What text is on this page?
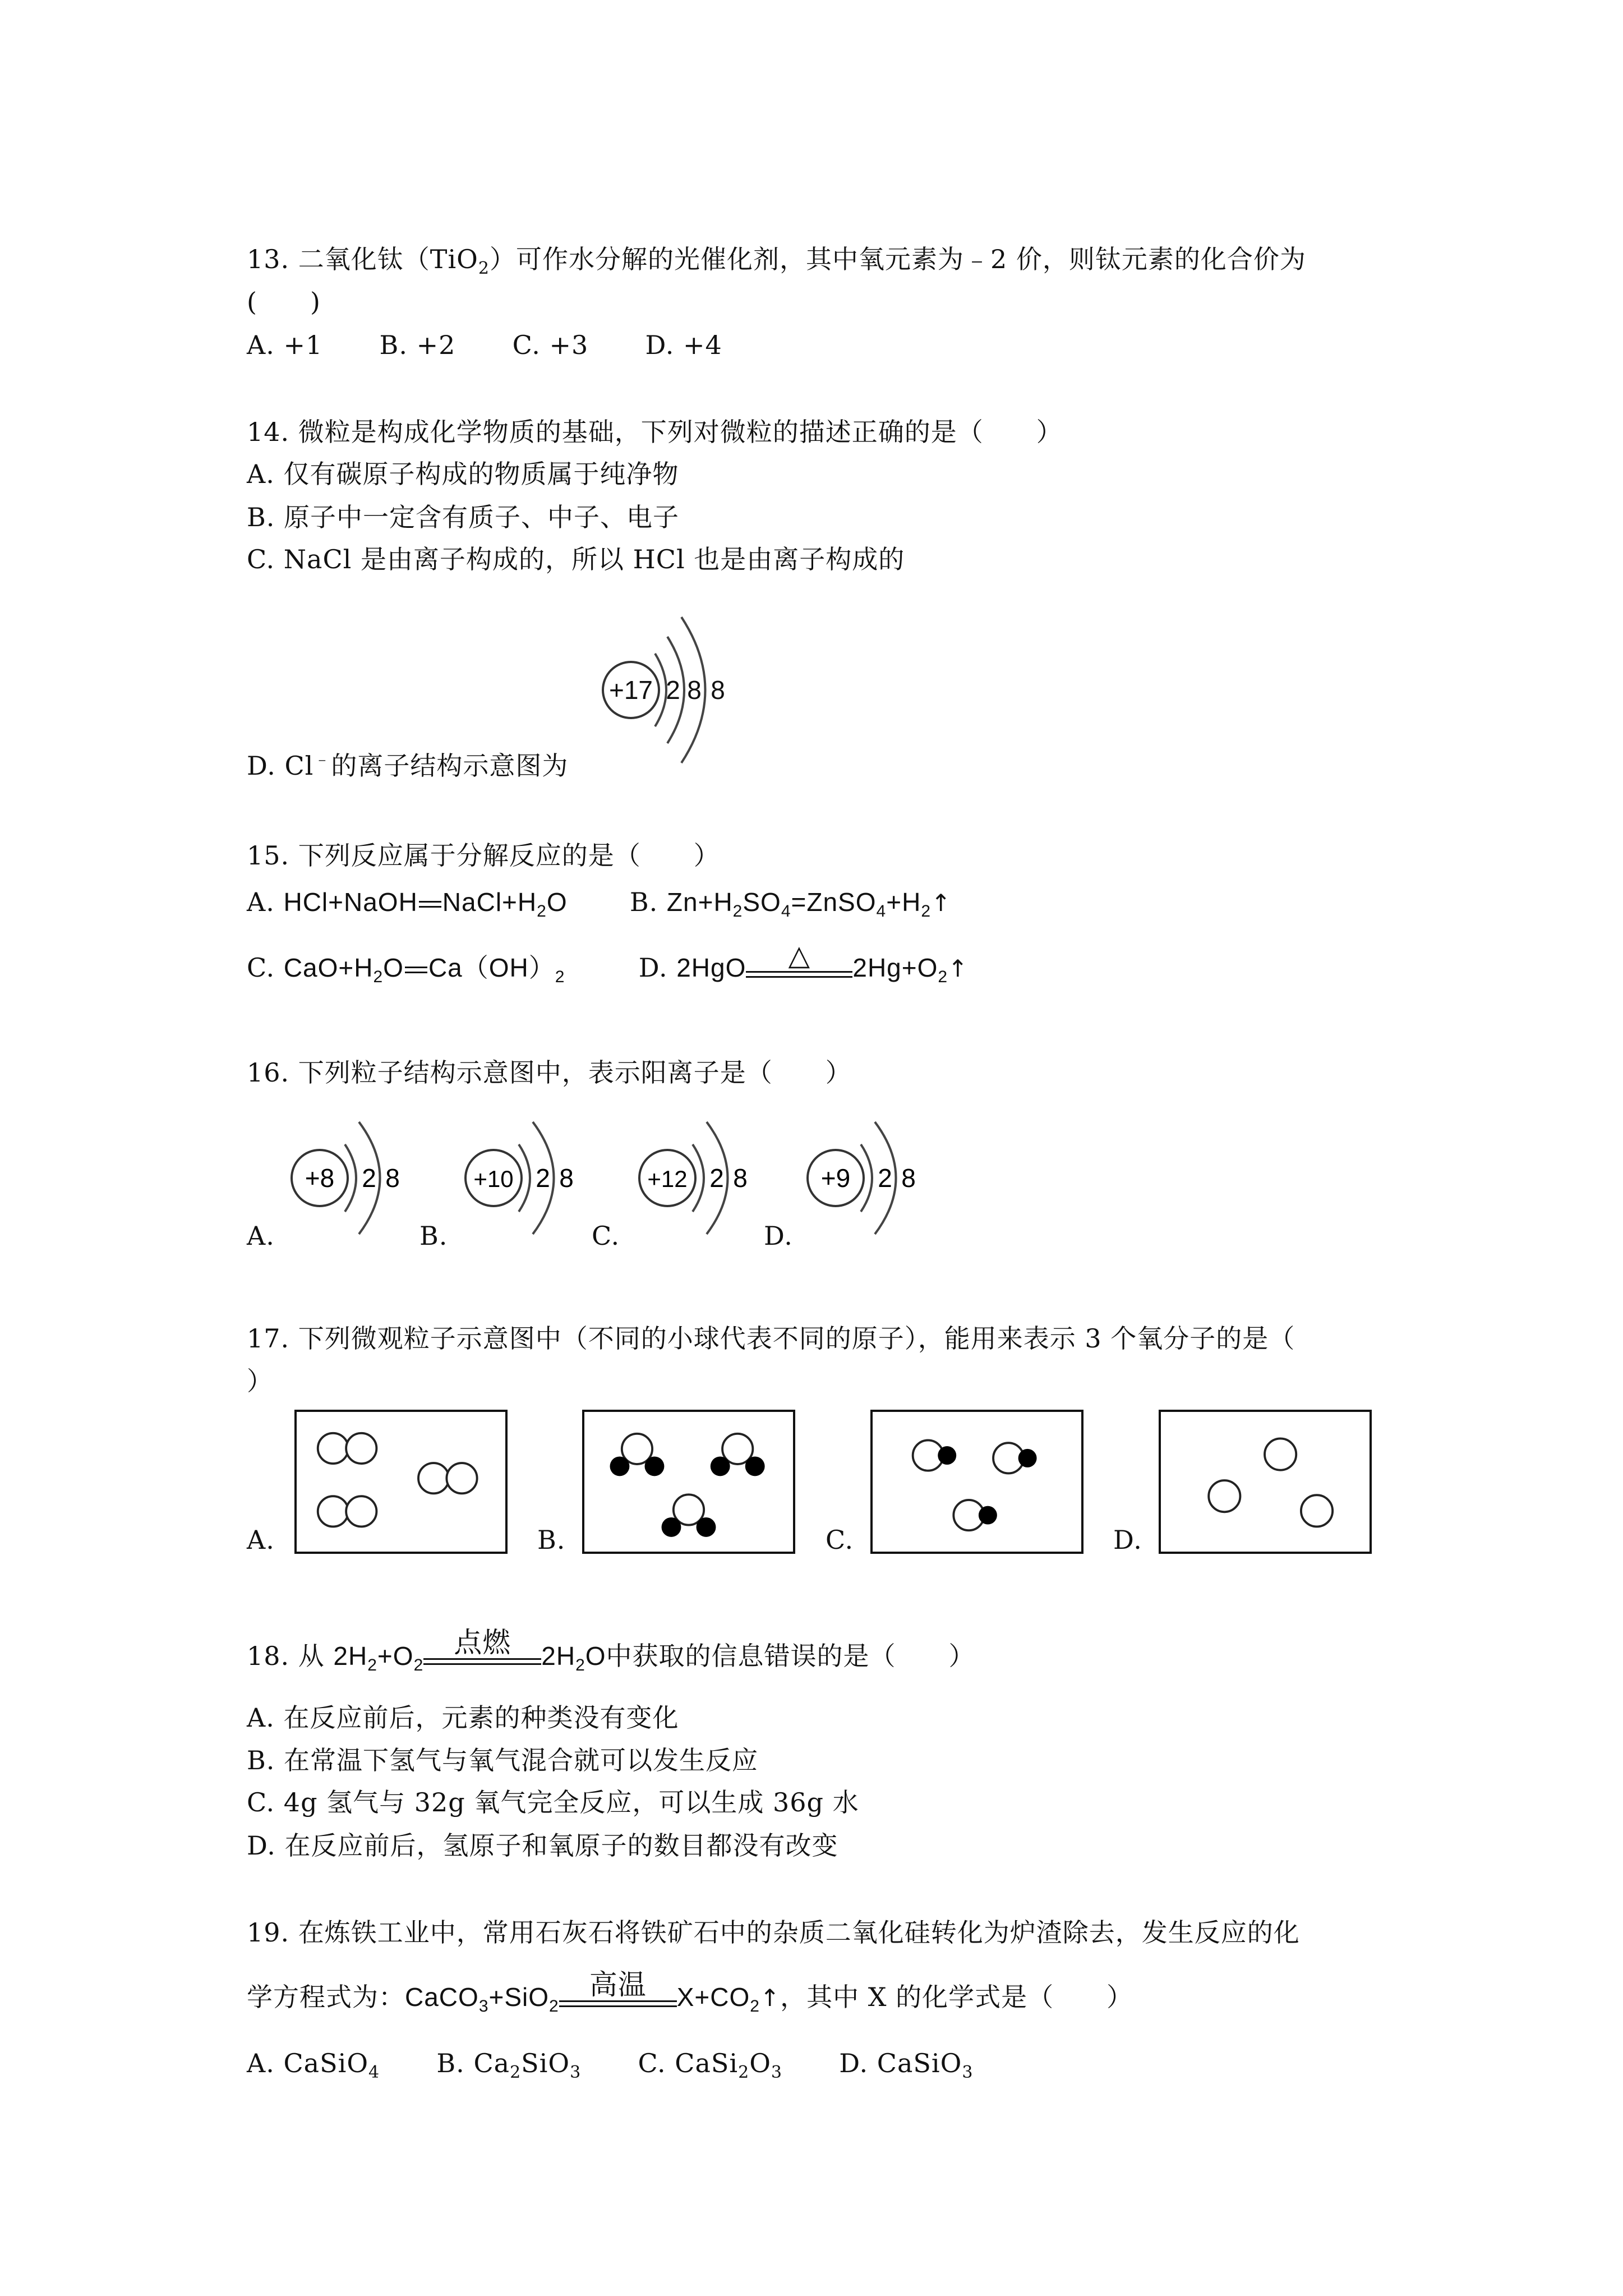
13. 二氧化钛（TiO$_2$）可作水分解的光催化剂，其中氧元素为﹣2 价，则钛元素的化合价为
(　　)
A. +1 B. +2 C. +3 D. +4
14. 微粒是构成化学物质的基础，下列对微粒的描述正确的是（　　）
A. 仅有碳原子构成的物质属于纯净物
B. 原子中一定含有质子、中子、电子
C. NaCl 是由离子构成的，所以 HCl 也是由离子构成的
D. Cl﹣的离子结构示意图为
+17 2 8 8
15. 下列反应属于分解反应的是（　　）
A. HCl+NaOH $NaCl+H_2O$ B. $Zn+H_2SO_4=ZnSO_4+H_2↑$
C. $CaO+H_2O$ $Ca(OH)_2$	D. 2HgO	△	$2Hg+O_2↑$
16. 下列粒子结构示意图中，表示阳离子是（　　）
A.	B.	C.	D.
+8 2 8	+10 2 8	+12 2 8	+9 2 8
17. 下列微观粒子示意图中（不同的小球代表不同的原子），能用来表示 3 个氧分子的是（
）
A.	B.	C.	D.
18. 从 $2H_2+O_2$
点燃	$2H_2O$中获取的信息错误的是（　　）
A. 在反应前后，元素的种类没有变化
B. 在常温下氢气与氧气混合就可以发生反应
C. 4g 氢气与 32g 氧气完全反应，可以生成 36g 水
D. 在反应前后，氢原子和氧原子的数目都没有改变
19. 在炼铁工业中，常用石灰石将铁矿石中的杂质二氧化硅转化为炉渣除去，发生反应的化
学方程式为：CaCO$_3$+SiO$_2$
高温	$X+CO_2↑$，其中 X 的化学式是（　　）
A. CaSiO$_4$ B. $Ca_2SiO_3$ C. $CaSi_2O_3$ D. CaSiO$_3$
